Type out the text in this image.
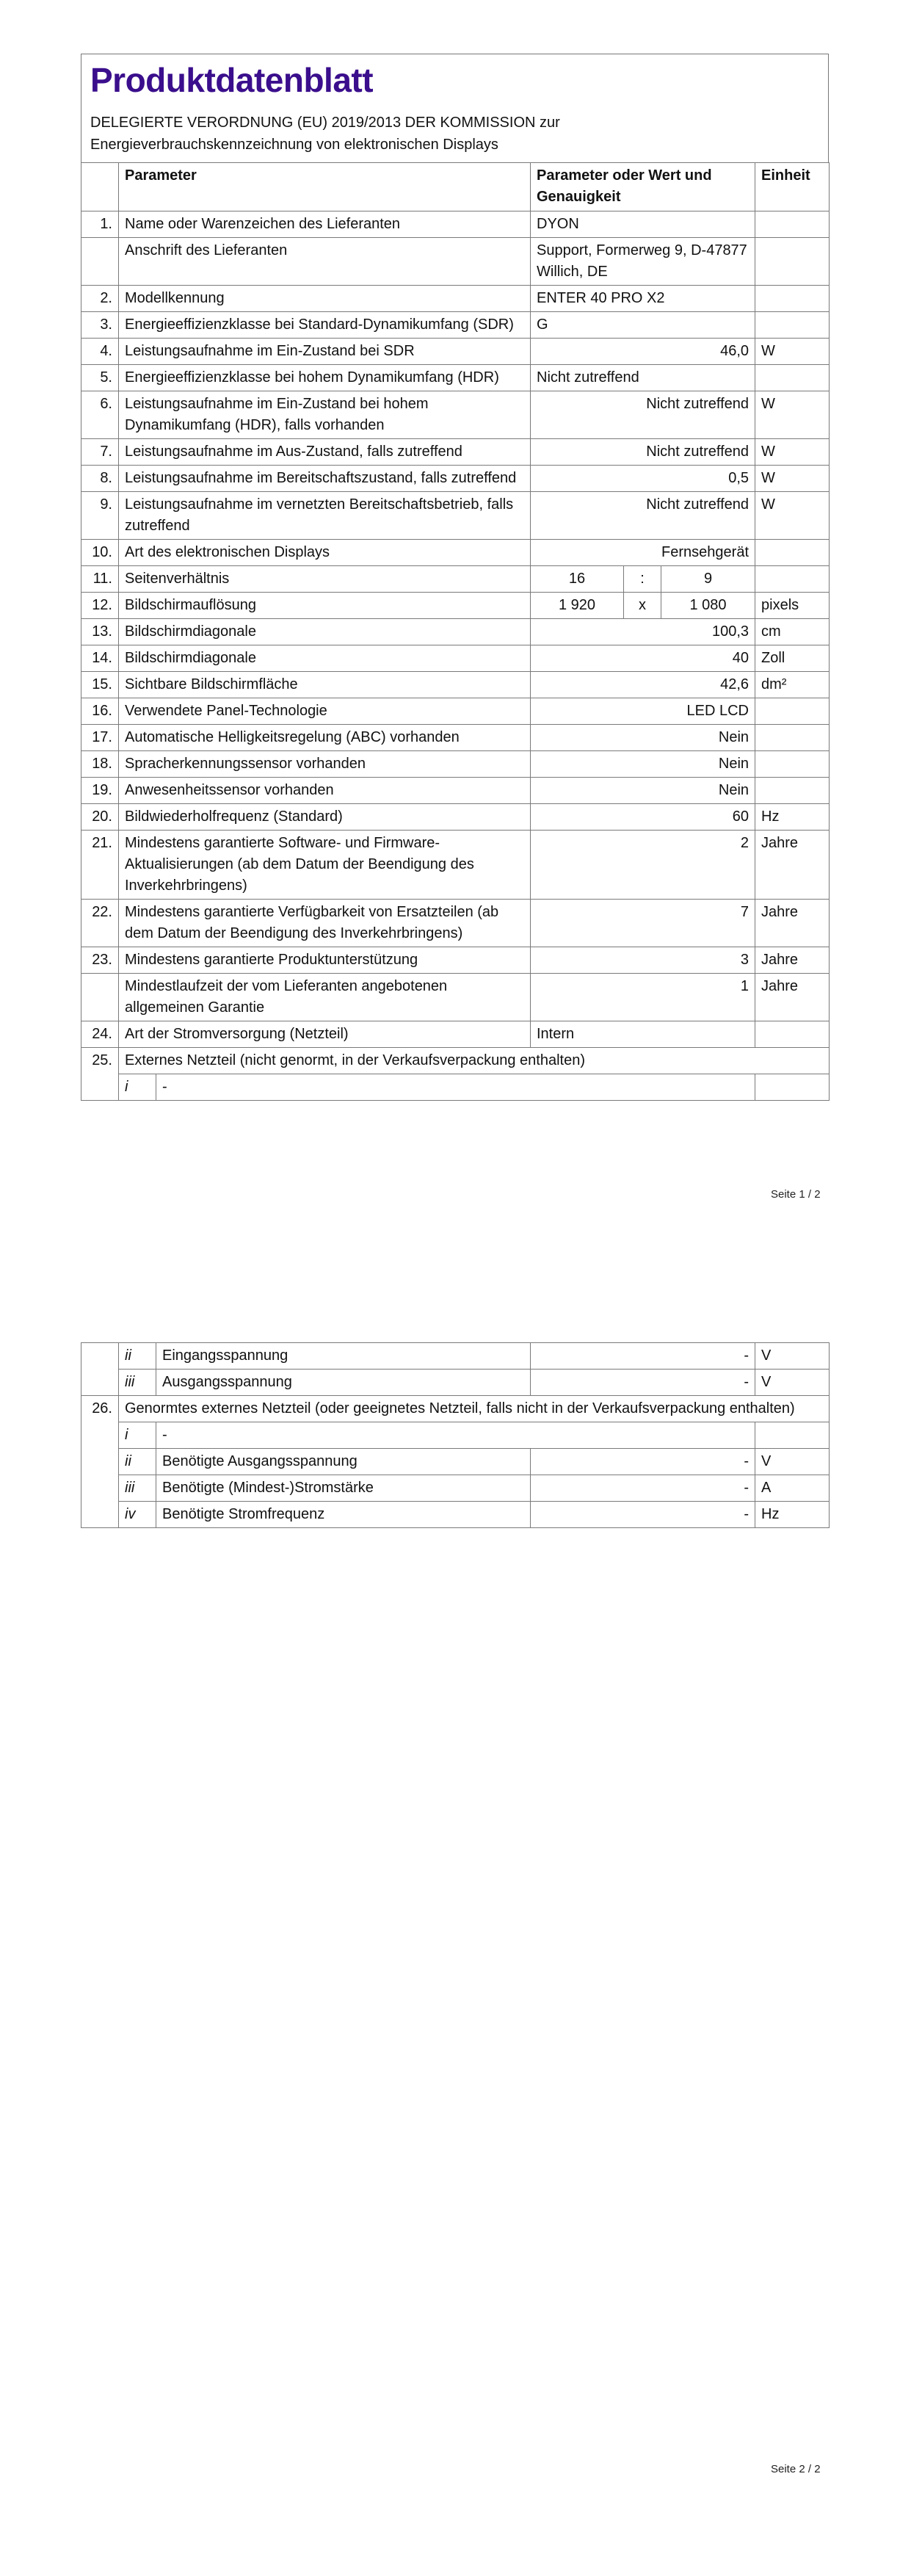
Produktdatenblatt
DELEGIERTE VERORDNUNG (EU) 2019/2013 DER KOMMISSION zur
Energieverbrauchskennzeichnung von elektronischen Displays
	Parameter		Parameter oder Wert und Genauigkeit			Einheit
1.	Name oder Warenzeichen des Lieferanten		DYON			
	Anschrift des Lieferanten		Support, Formerweg 9, D-47877 Willich, DE			
2.	Modellkennung		ENTER 40 PRO X2			
3.	Energieeffizienzklasse bei Standard-Dynamikumfang (SDR)		G			
4.	Leistungsaufnahme im Ein-Zustand bei SDR		46,0			W
5.	Energieeffizienzklasse bei hohem Dynamikumfang (HDR)		Nicht zutreffend			
6.	Leistungsaufnahme im Ein-Zustand bei hohem Dynamikumfang (HDR), falls vorhanden		Nicht zutreffend			W
7.	Leistungsaufnahme im Aus-Zustand, falls zutreffend		Nicht zutreffend			W
8.	Leistungsaufnahme im Bereitschaftszustand, falls zutreffend		0,5			W
9.	Leistungsaufnahme im vernetzten Bereitschaftsbetrieb, falls zutreffend		Nicht zutreffend			W
10.	Art des elektronischen Displays		Fernsehgerät			
11.	Seitenverhältnis		16	:	9	
12.	Bildschirmauflösung		1 920	x	1 080	pixels
13.	Bildschirmdiagonale		100,3			cm
14.	Bildschirmdiagonale		40			Zoll
15.	Sichtbare Bildschirmfläche		42,6			dm²
16.	Verwendete Panel-Technologie		LED LCD			
17.	Automatische Helligkeitsregelung (ABC) vorhanden		Nein			
18.	Spracherkennungssensor vorhanden		Nein			
19.	Anwesenheitssensor vorhanden		Nein			
20.	Bildwiederholfrequenz (Standard)		60			Hz
21.	Mindestens garantierte Software- und Firmware-Aktualisierungen (ab dem Datum der Beendigung des Inverkehrbringens)		2			Jahre
22.	Mindestens garantierte Verfügbarkeit von Ersatzteilen (ab dem Datum der Beendigung des Inverkehrbringens)		7			Jahre
23.	Mindestens garantierte Produktunterstützung		3			Jahre
	Mindestlaufzeit der vom Lieferanten angebotenen allgemeinen Garantie		1			Jahre
24.	Art der Stromversorgung (Netzteil)		Intern			
25.	Externes Netzteil (nicht genormt, in der Verkaufsverpackung enthalten)					
	i	-				
Seite 1 / 2
	ii	Eingangsspannung	-	V
	iii	Ausgangsspannung	-	V
26.	Genormtes externes Netzteil (oder geeignetes Netzteil, falls nicht in der Verkaufsverpackung enthalten)			
	i	-		
	ii	Benötigte Ausgangsspannung	-	V
	iii	Benötigte (Mindest-)Stromstärke	-	A
	iv	Benötigte Stromfrequenz	-	Hz
Seite 2 / 2
